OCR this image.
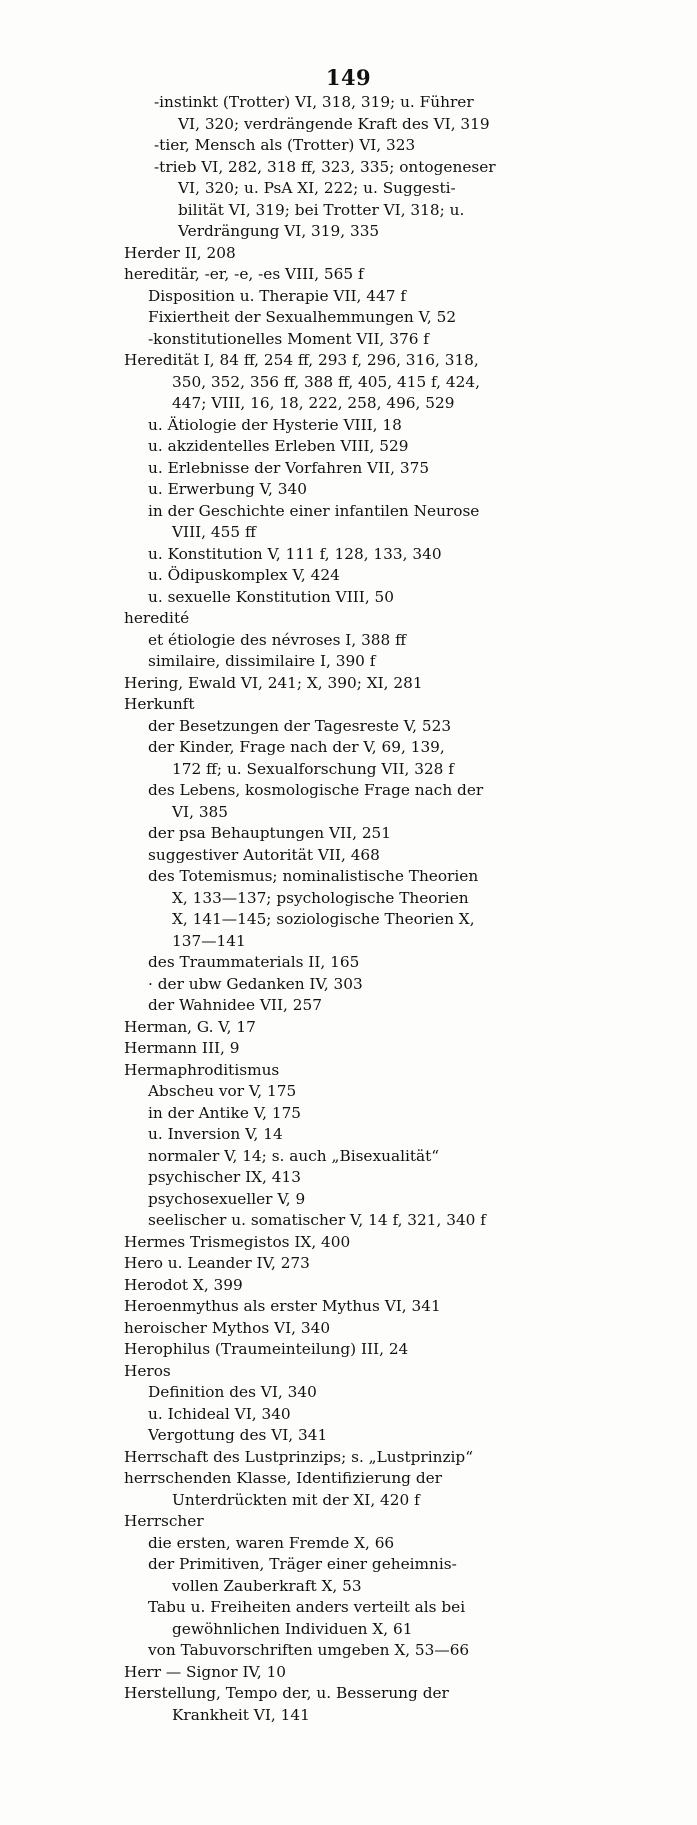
149
-instinkt (Trotter) VI, 318, 319; u. Führer
VI, 320; verdrängende Kraft des VI, 319
-tier, Mensch als (Trotter) VI, 323
-trieb VI, 282, 318 ff, 323, 335; ontogeneser
VI, 320; u. PsA XI, 222; u. Suggesti-
bilität VI, 319; bei Trotter VI, 318; u.
Verdrängung VI, 319, 335
Herder II, 208
hereditär, -er, -e, -es VIII, 565 f
Disposition u. Therapie VII, 447 f
Fixiertheit der Sexualhemmungen V, 52
-konstitutionelles Moment VII, 376 f
Heredität I, 84 ff, 254 ff, 293 f, 296, 316, 318,
350, 352, 356 ff, 388 ff, 405, 415 f, 424,
447; VIII, 16, 18, 222, 258, 496, 529
u. Ätiologie der Hysterie VIII, 18
u. akzidentelles Erleben VIII, 529
u. Erlebnisse der Vorfahren VII, 375
u. Erwerbung V, 340
in der Geschichte einer infantilen Neurose
VIII, 455 ff
u. Konstitution V, 111 f, 128, 133, 340
u. Ödipuskomplex V, 424
u. sexuelle Konstitution VIII, 50
heredité
et étiologie des névroses I, 388 ff
similaire, dissimilaire I, 390 f
Hering, Ewald VI, 241; X, 390; XI, 281
Herkunft
der Besetzungen der Tagesreste V, 523
der Kinder, Frage nach der V, 69, 139,
172 ff; u. Sexualforschung VII, 328 f
des Lebens, kosmologische Frage nach der
VI, 385
der psa Behauptungen VII, 251
suggestiver Autorität VII, 468
des Totemismus; nominalistische Theorien
X, 133—137; psychologische Theorien
X, 141—145; soziologische Theorien X,
137—141
des Traummaterials II, 165
· der ubw Gedanken IV, 303
der Wahnidee VII, 257
Herman, G. V, 17
Hermann III, 9
Hermaphroditismus
Abscheu vor V, 175
in der Antike V, 175
u. Inversion V, 14
normaler V, 14; s. auch „Bisexualität“
psychischer IX, 413
psychosexueller V, 9
seelischer u. somatischer V, 14 f, 321, 340 f
Hermes Trismegistos IX, 400
Hero u. Leander IV, 273
Herodot X, 399
Heroenmythus als erster Mythus VI, 341
heroischer Mythos VI, 340
Herophilus (Traumeinteilung) III, 24
Heros
Definition des VI, 340
u. Ichideal VI, 340
Vergottung des VI, 341
Herrschaft des Lustprinzips; s. „Lustprinzip“
herrschenden Klasse, Identifizierung der
Unterdrückten mit der XI, 420 f
Herrscher
die ersten, waren Fremde X, 66
der Primitiven, Träger einer geheimnis-
vollen Zauberkraft X, 53
Tabu u. Freiheiten anders verteilt als bei
gewöhnlichen Individuen X, 61
von Tabuvorschriften umgeben X, 53—66
Herr — Signor IV, 10
Herstellung, Tempo der, u. Besserung der
Krankheit VI, 141
